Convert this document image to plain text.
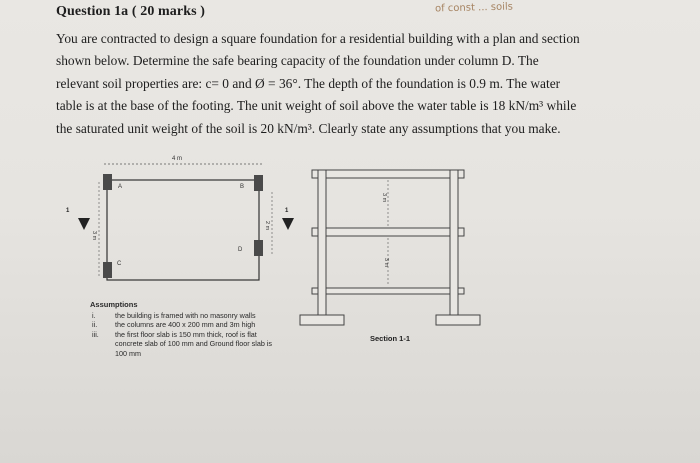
Question 1a ( 20 marks )	of const ... soils
You are contracted to design a square foundation for a residential building with a plan and section
shown below. Determine the safe bearing capacity of the foundation under column D. The
relevant soil properties are: c= 0 and Ø = 36°. The depth of the foundation is 0.9 m. The water
table is at the base of the footing. The unit weight of soil above the water table is 18 kN/m³ while
the saturated unit weight of the soil is 20 kN/m³. Clearly state any assumptions that you make.
4 m
A	B
C
D
3 m
2 m
1	1
3 m
3 m
Section 1-1
Assumptions
i.	the building is framed with no masonry walls
ii. the columns are 400 x 200 mm and 3m high
iii. the first floor slab is 150 mm thick, roof is flat concrete slab of 100 mm and Ground floor slab is 100 mm
